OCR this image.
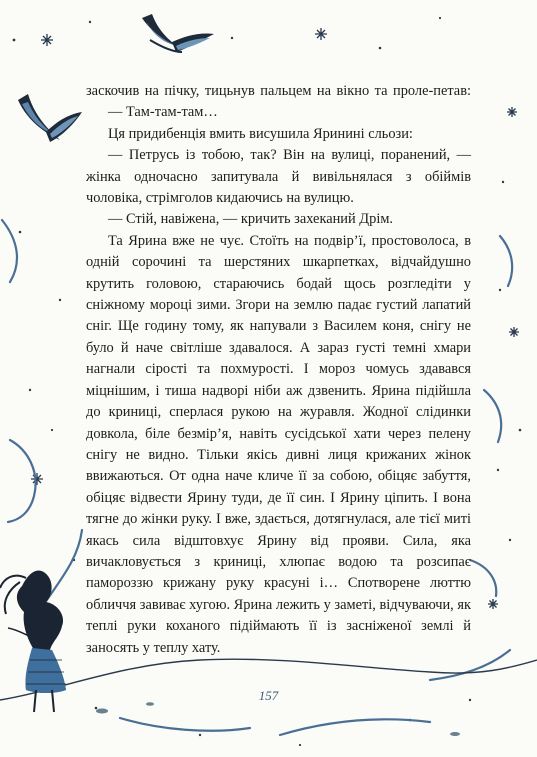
заскочив на пічку, тицьнув пальцем на вікно та проле-петав:

— Там-там-там…

Ця придибенція вмить висушила Яринині сльози:

— Петрусь із тобою, так? Він на вулиці, поранений, — жінка одночасно запитувала й вивільнялася з обіймів чоловіка, стрімголов кидаючись на вулицю.

— Стій, навіжена, — кричить захеканий Дрім.

Та Ярина вже не чує. Стоїть на подвір’ї, простоволоса, в одній сорочині та шерстяних шкарпетках, відчайдушно крутить головою, стараючись бодай щось розгледіти у сніжному мороці зими. Згори на землю падає густий лапатий сніг. Ще годину тому, як напували з Василем коня, снігу не було й наче світліше здавалося. А зараз густі темні хмари нагнали сірості та похмурості. І мороз чомусь здавався міцнішим, і тиша надворі ніби аж дзвенить. Ярина підійшла до криниці, сперлася рукою на журавля. Жодної слідинки довкола, біле безмір’я, навіть сусідської хати через пелену снігу не видно. Тільки якісь дивні лиця крижаних жінок ввижаються. От одна наче кличе її за собою, обіцяє забуття, обіцяє відвести Ярину туди, де її син. І Ярину ціпить. І вона тягне до жінки руку. І вже, здається, дотягнулася, але тієї миті якась сила відштовхує Ярину від прояви. Сила, яка вичакловується з криниці, хлюпає водою та розсипає памороззю крижану руку красуні і… Спотворене люттю обличчя завиває хугою. Ярина лежить у заметі, відчуваючи, як теплі руки коханого підіймають її із засніженої землі й заносять у теплу хату.

157
